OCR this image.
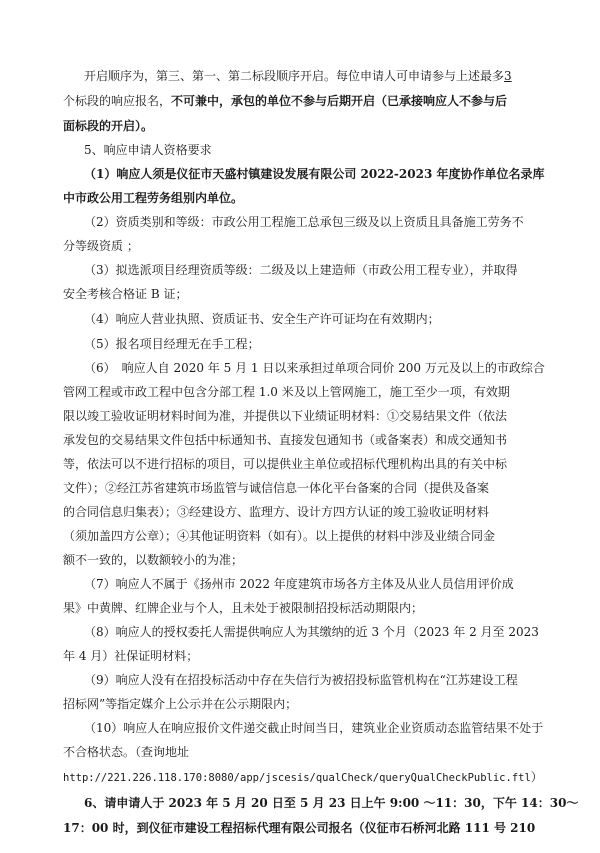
开启顺序为，第三、第一、第二标段顺序开启。每位申请人可申请参与上述最多3
个标段的响应报名，不可兼中，承包的单位不参与后期开启（已承接响应人不参与后
面标段的开启）。
5、响应申请人资格要求
（1）响应人须是仪征市天盛村镇建设发展有限公司 2022-2023 年度协作单位名录库
中市政公用工程劳务组别内单位。
（2）资质类别和等级：市政公用工程施工总承包三级及以上资质且具备施工劳务不
分等级资质 ；
（3）拟选派项目经理资质等级：二级及以上建造师（市政公用工程专业），并取得
安全考核合格证 B 证；
（4）响应人营业执照、资质证书、安全生产许可证均在有效期内；
（5）报名项目经理无在手工程；
（6）　响应人自 2020 年 5 月 1 日以来承担过单项合同价 200 万元及以上的市政综合
管网工程或市政工程中包含分部工程 1.0 米及以上管网施工，施工至少一项，有效期
限以竣工验收证明材料时间为准，并提供以下业绩证明材料：①交易结果文件（依法
承发包的交易结果文件包括中标通知书、直接发包通知书（或备案表）和成交通知书
等，依法可以不进行招标的项目，可以提供业主单位或招标代理机构出具的有关中标
文件）；②经江苏省建筑市场监管与诚信信息一体化平台备案的合同（提供及备案
的合同信息归集表）；③经建设方、监理方、设计方四方认证的竣工验收证明材料
（须加盖四方公章）；④其他证明资料（如有）。以上提供的材料中涉及业绩合同金
额不一致的，以数额较小的为准；
（7）响应人不属于《扬州市 2022 年度建筑市场各方主体及从业人员信用评价成
果》中黄牌、红牌企业与个人，且未处于被限制招投标活动期限内；
（8）响应人的授权委托人需提供响应人为其缴纳的近 3 个月（2023 年 2 月至 2023
年 4 月）社保证明材料；
（9）响应人没有在招投标活动中存在失信行为被招投标监管机构在“江苏建设工程
招标网”等指定媒介上公示并在公示期限内；
（10）响应人在响应报价文件递交截止时间当日，建筑业企业资质动态监管结果不处于
不合格状态。（查询地址
http://221.226.118.170:8080/app/jscesis/qualCheck/queryQualCheckPublic.ftl）
6、请申请人于 2023 年 5 月 20 日至 5 月 23 日上午 9:00 ～11：30，下午 14：30～
17：00 时，到仪征市建设工程招标代理有限公司报名（仪征市石桥河北路 111 号 210
